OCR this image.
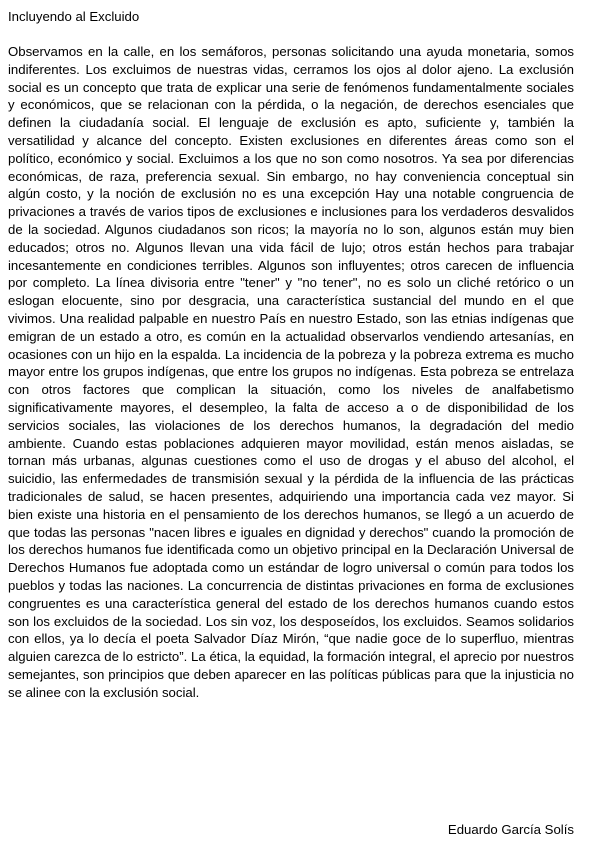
Incluyendo al Excluido

Observamos en la calle, en los semáforos, personas solicitando una ayuda monetaria, somos indiferentes. Los excluimos de nuestras vidas, cerramos los ojos al dolor ajeno. La exclusión social es un concepto que trata de explicar una serie de fenómenos fundamentalmente sociales y económicos, que se relacionan con la pérdida, o la negación, de derechos esenciales que definen la ciudadanía social. El lenguaje de exclusión es apto, suficiente y, también la versatilidad y alcance del concepto. Existen exclusiones en diferentes áreas como son el político, económico y social. Excluimos a los que no son como nosotros. Ya sea por diferencias económicas, de raza, preferencia sexual. Sin embargo, no hay conveniencia conceptual sin algún costo, y la noción de exclusión no es una excepción Hay una notable congruencia de privaciones a través de varios tipos de exclusiones e inclusiones para los verdaderos desvalidos de la sociedad. Algunos ciudadanos son ricos; la mayoría no lo son, algunos están muy bien educados; otros no. Algunos llevan una vida fácil de lujo; otros están hechos para trabajar incesantemente en condiciones terribles. Algunos son influyentes; otros carecen de influencia por completo. La línea divisoria entre "tener" y "no tener", no es solo un cliché retórico o un eslogan elocuente, sino por desgracia, una característica sustancial del mundo en el que vivimos. Una realidad palpable en nuestro País en nuestro Estado, son las etnias indígenas que emigran de un estado a otro, es común en la actualidad observarlos vendiendo artesanías, en ocasiones con un hijo en la espalda. La incidencia de la pobreza y la pobreza extrema es mucho mayor entre los grupos indígenas, que entre los grupos no indígenas. Esta pobreza se entrelaza con otros factores que complican la situación, como los niveles de analfabetismo significativamente mayores, el desempleo, la falta de acceso a o de disponibilidad de los servicios sociales, las violaciones de los derechos humanos, la degradación del medio ambiente. Cuando estas poblaciones adquieren mayor movilidad, están menos aisladas, se tornan más urbanas, algunas cuestiones como el uso de drogas y el abuso del alcohol, el suicidio, las enfermedades de transmisión sexual y la pérdida de la influencia de las prácticas tradicionales de salud, se hacen presentes, adquiriendo una importancia cada vez mayor. Si bien existe una historia en el pensamiento de los derechos humanos, se llegó a un acuerdo de que todas las personas "nacen libres e iguales en dignidad y derechos" cuando la promoción de los derechos humanos fue identificada como un objetivo principal en la Declaración Universal de Derechos Humanos fue adoptada como un estándar de logro universal o común para todos los pueblos y todas las naciones. La concurrencia de distintas privaciones en forma de exclusiones congruentes es una característica general del estado de los derechos humanos cuando estos son los excluidos de la sociedad. Los sin voz, los desposeídos, los excluidos. Seamos solidarios con ellos, ya lo decía el poeta Salvador Díaz Mirón, “que nadie goce de lo superfluo, mientras alguien carezca de lo estricto”. La ética, la equidad, la formación integral, el aprecio por nuestros semejantes, son principios que deben aparecer en las políticas públicas para que la injusticia no se alinee con la exclusión social.

Eduardo García Solís
